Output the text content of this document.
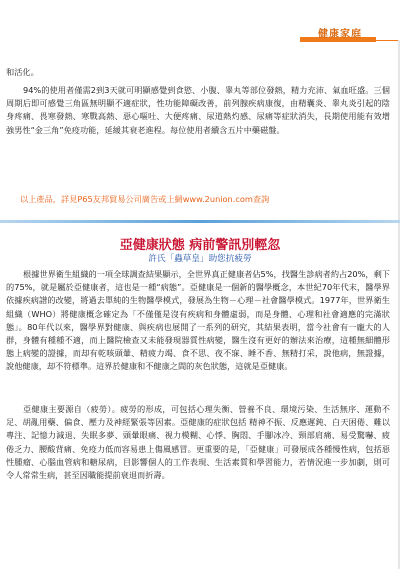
健康家庭

和活化。

94%的使用者僅需2到3天就可明顯感覺到食慾、小腹、睾丸等部位發熱，精力充沛、氣血旺盛。三個周期后即可感覺三角區無明顯不適症狀，性功能障礙改善，前列腺疾病康復，由精囊炎、睾丸炎引起的陰身疼痛、畏寒發熱、寒戰高熱、惡心嘔吐、大便疼痛、尿道熱灼感、尿痛等症狀消失，長期使用能有效增強男性“金三角”免疫功能，延緩其衰老進程。每位使用者續含五片中藥磁盤。

以上產品，詳見P65友邦貿易公司廣告或上網www.2union.com查詢

亞健康狀態 病前警訊別輕忽

許氏「蟲草皇」助您抗疲勞

根據世界衛生組織的一項全球調查結果顯示，全世界真正健康者佔5%，找醫生診病者約占20%，剩下的75%，就是屬於亞健康者，這也是一種“病態”。亞健康是一個新的醫學概念，本世紀70年代末，醫學界依據疾病譜的改變，將過去單純的生物醫學模式，發展為生物－心理－社會醫學模式。1977年，世界衛生組織（WHO）將健康概念確定為「不僅僅是沒有疾病和身體虛弱，而是身體、心理和社會適應的完滿狀態」。80年代以來，醫學界對健康、與疾病也展開了一系列的研究，其結果表明，當今社會有一龐大的人群，身體有種種不適，而上醫院檢查又未能發現器質性病變，醫生沒有更好的辦法來治療，這種無細體形態上病變的證據，而却有乾咳頭暈、精疲力竭、食不思、夜不寐、睡不香、無精打采，說他病，無證據，說他健康，却不符標準。這界於健康和不健康之間的灰色狀態，這就是亞健康。

亞健康主要源自（疲勞）。疲勞的形成，可包括心理失衡、營養不良、環境污染、生活無序、運動不足、胡亂用藥、偏食、壓力及神經緊張等因素。亞健康的症狀包括 精神不振、反應遲鈍、白天困倦、難以專注、記憶力減退、失眠多夢、頭暈眼痛、視力模糊、心悸、胸悶、手腳冰冷、頸部肩痛、易受驚嚇、疲倦乏力、腰酸背痛、免疫力低而容易患上傷風感冒。更重要的是，「亞健康」可發展成各種慢性病，包括惡性腫瘤、心腦血管病和糖尿病，目影響個人的工作表現、生活素質和學習能力，若情況進一步加劇，則可令人常常生病，甚至因職能提前衰退而折壽。
